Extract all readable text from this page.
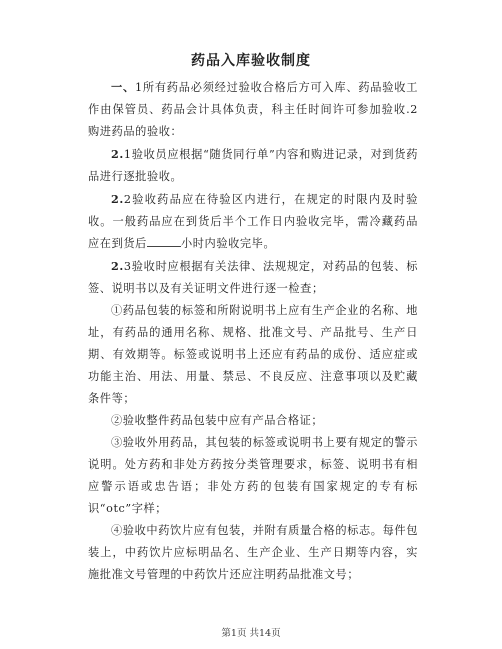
药品入库验收制度

一、1所有药品必须经过验收合格后方可入库、药品验收工作由保管员、药品会计具体负责，科主任时间许可参加验收.2购进药品的验收：

2.1验收员应根据“随货同行单”内容和购进记录，对到货药品进行逐批验收。

2.2验收药品应在待验区内进行，在规定的时限内及时验收。一般药品应在到货后半个工作日内验收完毕，需冷藏药品应在到货后	小时内验收完毕。

2.3验收时应根据有关法律、法规规定，对药品的包装、标签、说明书以及有关证明文件进行逐一检查；

①药品包装的标签和所附说明书上应有生产企业的名称、地址，有药品的通用名称、规格、批准文号、产品批号、生产日期、有效期等。标签或说明书上还应有药品的成份、适应症或功能主治、用法、用量、禁忌、不良反应、注意事项以及贮藏条件等；

②验收整件药品包装中应有产品合格证；

③验收外用药品，其包装的标签或说明书上要有规定的警示说明。处方药和非处方药按分类管理要求，标签、说明书有相应警示语或忠告语；非处方药的包装有国家规定的专有标识“otc”字样；

④验收中药饮片应有包装，并附有质量合格的标志。每件包装上，中药饮片应标明品名、生产企业、生产日期等内容，实施批准文号管理的中药饮片还应注明药品批准文号；

第1页 共14页
